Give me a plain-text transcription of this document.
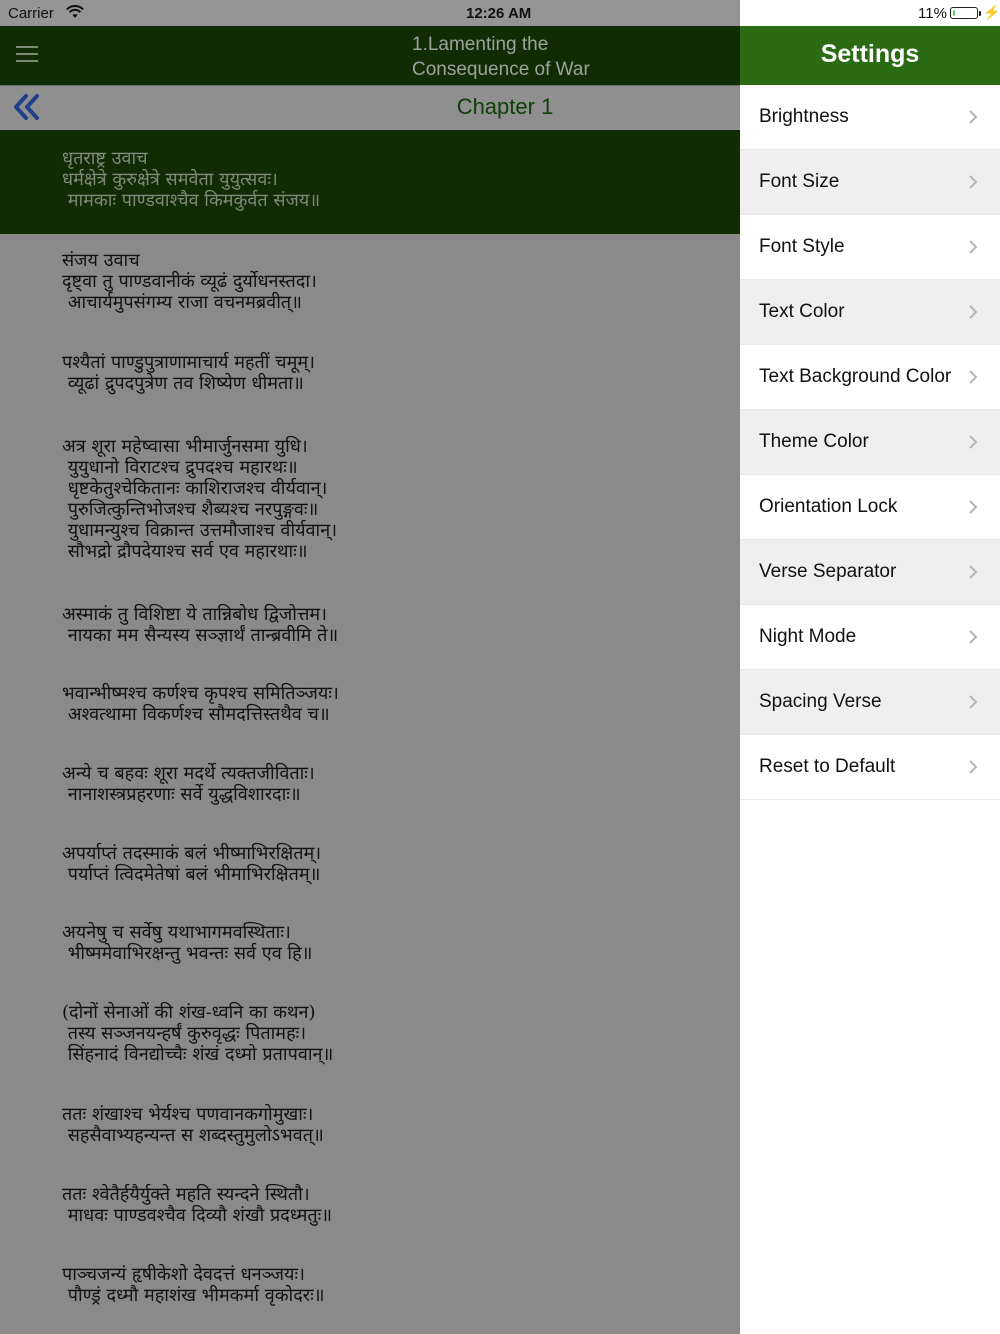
Carrier	12:26 AM	11%	⚡
1.Lamenting the
Consequence of War
Chapter 1
धृतराष्ट्र उवाच
धर्मक्षेत्रे कुरुक्षेत्रे समवेता युयुत्सवः।
मामकाः पाण्डवाश्चैव किमकुर्वत संजय॥
संजय उवाच
दृष्ट्वा तु पाण्डवानीकं व्यूढं दुर्योधनस्तदा।
आचार्यमुपसंगम्य राजा वचनमब्रवीत्॥
पश्यैतां पाण्डुपुत्राणामाचार्य महतीं चमूम्।
व्यूढां द्रुपदपुत्रेण तव शिष्येण धीमता॥
अत्र शूरा महेष्वासा भीमार्जुनसमा युधि।
युयुधानो विराटश्च द्रुपदश्च महारथः॥
धृष्टकेतुश्चेकितानः काशिराजश्च वीर्यवान्।
पुरुजित्कुन्तिभोजश्च शैब्यश्च नरपुङ्गवः॥
युधामन्युश्च विक्रान्त उत्तमौजाश्च वीर्यवान्।
सौभद्रो द्रौपदेयाश्च सर्व एव महारथाः॥
अस्माकं तु विशिष्टा ये तान्निबोध द्विजोत्तम।
नायका मम सैन्यस्य सञ्ज्ञार्थं तान्ब्रवीमि ते॥
भवान्भीष्मश्च कर्णश्च कृपश्च समितिञ्जयः।
अश्वत्थामा विकर्णश्च सौमदत्तिस्तथैव च॥
अन्ये च बहवः शूरा मदर्थे त्यक्तजीविताः।
नानाशस्त्रप्रहरणाः सर्वे युद्धविशारदाः॥
अपर्याप्तं तदस्माकं बलं भीष्माभिरक्षितम्।
पर्याप्तं त्विदमेतेषां बलं भीमाभिरक्षितम्॥
अयनेषु च सर्वेषु यथाभागमवस्थिताः।
भीष्ममेवाभिरक्षन्तु भवन्तः सर्व एव हि॥
(दोनों सेनाओं की शंख-ध्वनि का कथन)
तस्य सञ्जनयन्हर्षं कुरुवृद्धः पितामहः।
सिंहनादं विनद्योच्चैः शंखं दध्मो प्रतापवान्॥
ततः शंखाश्च भेर्यश्च पणवानकगोमुखाः।
सहसैवाभ्यहन्यन्त स शब्दस्तुमुलोऽभवत्॥
ततः श्वेतैर्हयैर्युक्ते महति स्यन्दने स्थितौ।
माधवः पाण्डवश्चैव दिव्यौ शंखौ प्रदध्मतुः॥
पाञ्चजन्यं हृषीकेशो देवदत्तं धनञ्जयः।
पौण्ड्रं दध्मौ महाशंख भीमकर्मा वृकोदरः॥
Settings
Brightness
Font Size
Font Style
Text Color
Text Background Color
Theme Color
Orientation Lock
Verse Separator
Night Mode
Spacing Verse
Reset to Default
